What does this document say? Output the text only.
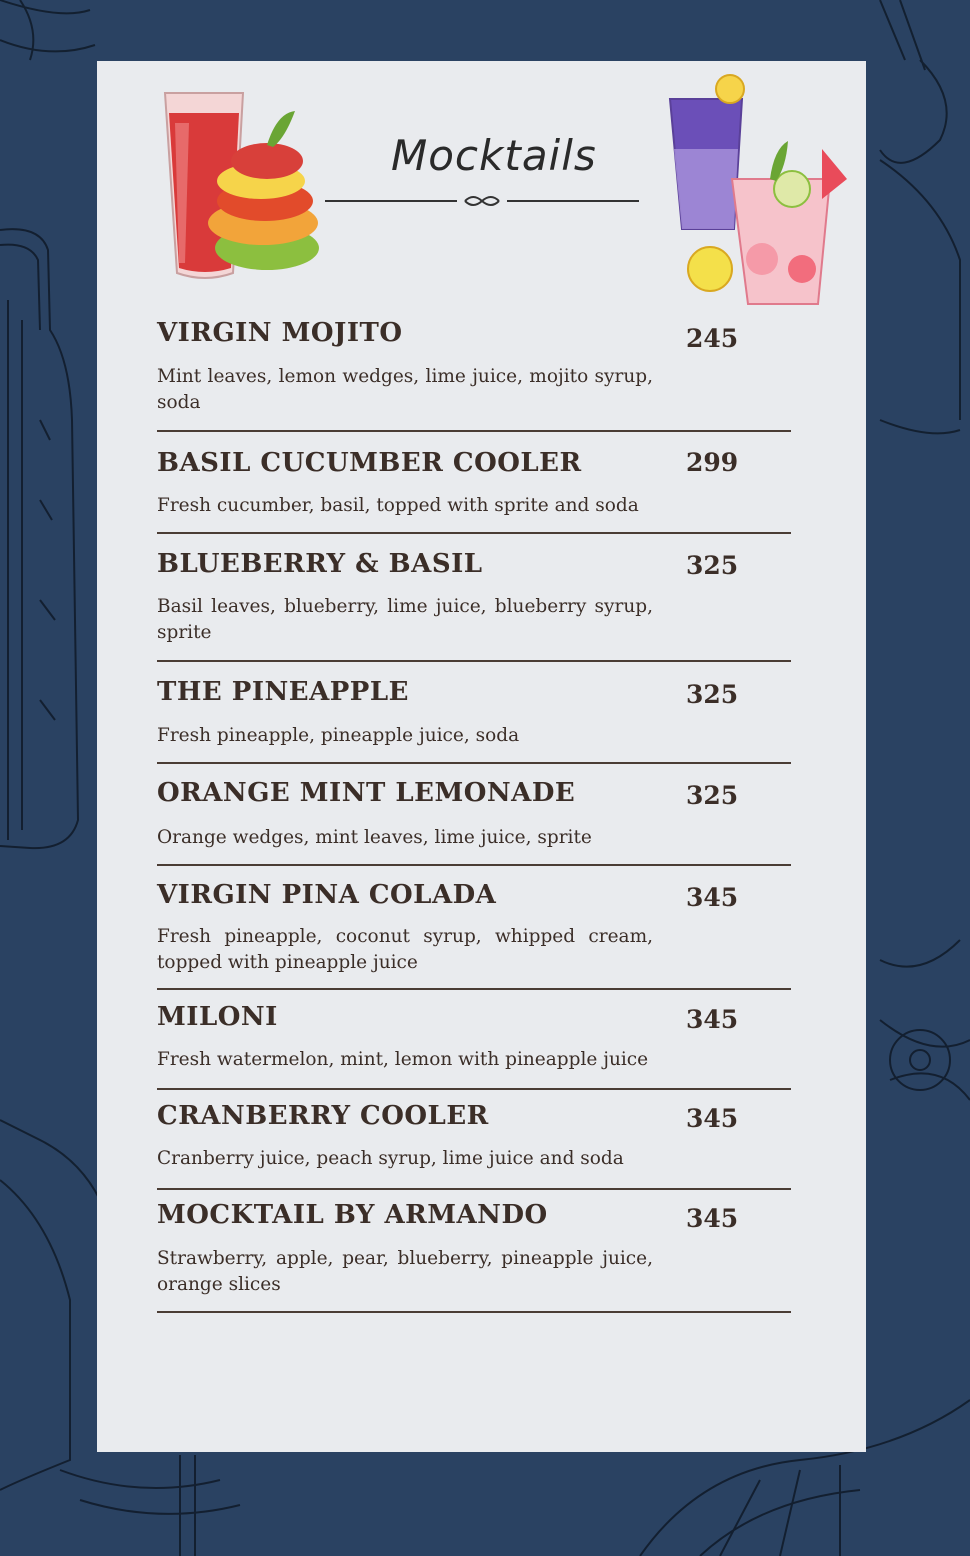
Mocktails
VIRGIN MOJITO	245
Mint leaves, lemon wedges, lime juice, mojito syrup, soda
BASIL CUCUMBER COOLER	299
Fresh cucumber, basil, topped with sprite and soda
BLUEBERRY & BASIL	325
Basil leaves, blueberry, lime juice, blueberry syrup, sprite
THE PINEAPPLE	325
Fresh pineapple, pineapple juice, soda
ORANGE MINT LEMONADE	325
Orange wedges, mint leaves, lime juice, sprite
VIRGIN PINA COLADA	345
Fresh pineapple, coconut syrup, whipped cream, topped with pineapple juice
MILONI	345
Fresh watermelon, mint, lemon with pineapple juice
CRANBERRY COOLER	345
Cranberry juice, peach syrup, lime juice and soda
MOCKTAIL BY ARMANDO	345
Strawberry, apple, pear, blueberry, pineapple juice, orange slices
